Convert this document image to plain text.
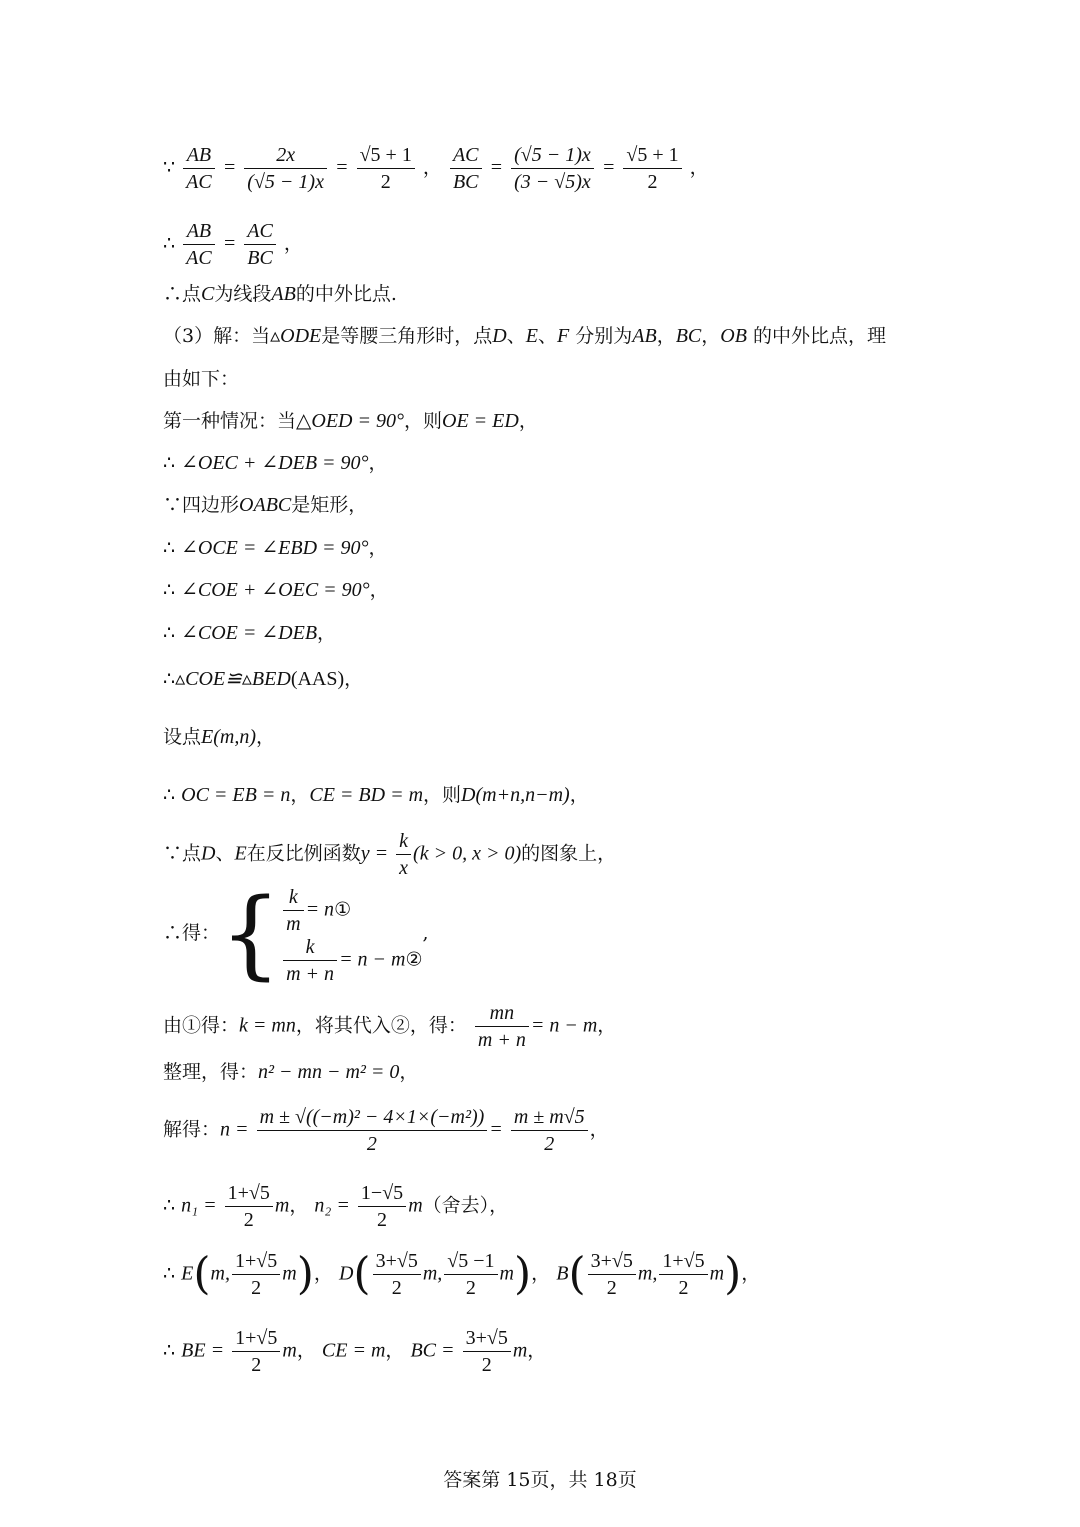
∵ $\frac{AB}{AC} = \frac{2x}{(√5 - 1)x} = \frac{√5 + 1}{2}$ ， $\frac{AC}{BC} = \frac{(√5 - 1)x}{(3 - √5)x} = \frac{√5 + 1}{2}$ ，
∴ $\frac{AB}{AC} = \frac{AC}{BC}$ ，
∴点C为线段AB的中外比点.
（3）解：当▵ODE是等腰三角形时，点D、E、F 分别为AB，BC，OB 的中外比点，理
由如下：
第一种情况：当△OED = 90°，则OE = ED，
∴ ∠OEC + ∠DEB = 90°，
∵四边形OABC是矩形，
∴ ∠OCE = ∠EBD = 90°，
∴ ∠COE + ∠OEC = 90°，
∴ ∠COE = ∠DEB，
∴▵COE≌▵BED(AAS)，
设点E(m,n)，
∴ OC = EB = n，CE = BD = m，则D(m+n,n−m)，
∵点D、E在反比例函数$y = \frac{k}{x} (k > 0$, x > 0)的图象上，
∴得：{ $\frac{k}{m}$ = n①
$\frac{k}{m + n} = n$ − m②
,
由①得：k = mn，将其代入②，得： $\frac{mn}{m + n} = n - m$，
整理，得：n² − mn − m² = 0，
解得：$n = \frac{\text{m ± √((−m)² − 4×1×(−m²))}}{2} = \frac{m \pm m√5}{2}$ ，
∴ $n_1 = \frac{1+√5}{2}$ m， $n_2 = \frac{1-√5}{2} m$（舍去），
∴ E(m, $\frac{1+√5}{2} m$)， $D( \frac{3+√5}{2} m$, $\frac{√5 -1}{2} m$)， $B( \frac{3+√5}{2} m$, $\frac{1+√5}{2} m$)，
∴ BE = $\frac{1+√5}{2}$ m， CE = m， BC = $\frac{3+√5}{2}$ m，
答案第 15页，共 18页
